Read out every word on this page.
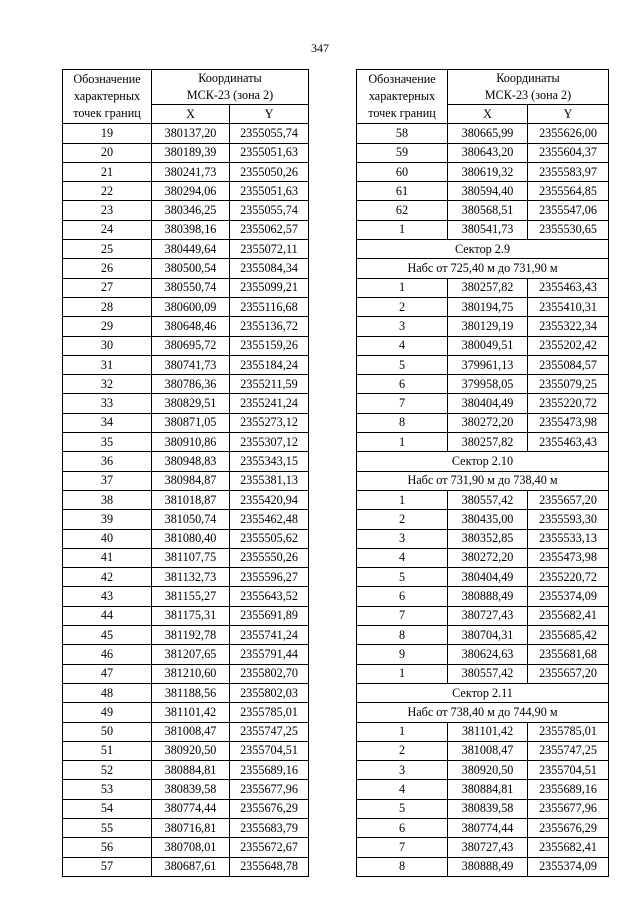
347
Обозначение
характерных
точек границ	Координаты
МСК-23 (зона 2)	

	X	Y
19	380137,20	2355055,74
20	380189,39	2355051,63
21	380241,73	2355050,26
22	380294,06	2355051,63
23	380346,25	2355055,74
24	380398,16	2355062,57
25	380449,64	2355072,11
26	380500,54	2355084,34
27	380550,74	2355099,21
28	380600,09	2355116,68
29	380648,46	2355136,72
30	380695,72	2355159,26
31	380741,73	2355184,24
32	380786,36	2355211,59
33	380829,51	2355241,24
34	380871,05	2355273,12
35	380910,86	2355307,12
36	380948,83	2355343,15
37	380984,87	2355381,13
38	381018,87	2355420,94
39	381050,74	2355462,48
40	381080,40	2355505,62
41	381107,75	2355550,26
42	381132,73	2355596,27
43	381155,27	2355643,52
44	381175,31	2355691,89
45	381192,78	2355741,24
46	381207,65	2355791,44
47	381210,60	2355802,70
48	381188,56	2355802,03
49	381101,42	2355785,01
50	381008,47	2355747,25
51	380920,50	2355704,51
52	380884,81	2355689,16
53	380839,58	2355677,96
54	380774,44	2355676,29
55	380716,81	2355683,79
56	380708,01	2355672,67
57	380687,61	2355648,78
Обозначение
характерных
точек границ	Координаты
МСК-23 (зона 2)	

	X	Y
58	380665,99	2355626,00
59	380643,20	2355604,37
60	380619,32	2355583,97
61	380594,40	2355564,85
62	380568,51	2355547,06
1	380541,73	2355530,65
Сектор 2.9		
Набс от 725,40 м до 731,90 м		
1	380257,82	2355463,43
2	380194,75	2355410,31
3	380129,19	2355322,34
4	380049,51	2355202,42
5	379961,13	2355084,57
6	379958,05	2355079,25
7	380404,49	2355220,72
8	380272,20	2355473,98
1	380257,82	2355463,43
Сектор 2.10		
Набс от 731,90 м до 738,40 м		
1	380557,42	2355657,20
2	380435,00	2355593,30
3	380352,85	2355533,13
4	380272,20	2355473,98
5	380404,49	2355220,72
6	380888,49	2355374,09
7	380727,43	2355682,41
8	380704,31	2355685,42
9	380624,63	2355681,68
1	380557,42	2355657,20
Сектор 2.11		
Набс от 738,40 м до 744,90 м		
1	381101,42	2355785,01
2	381008,47	2355747,25
3	380920,50	2355704,51
4	380884,81	2355689,16
5	380839,58	2355677,96
6	380774,44	2355676,29
7	380727,43	2355682,41
8	380888,49	2355374,09
